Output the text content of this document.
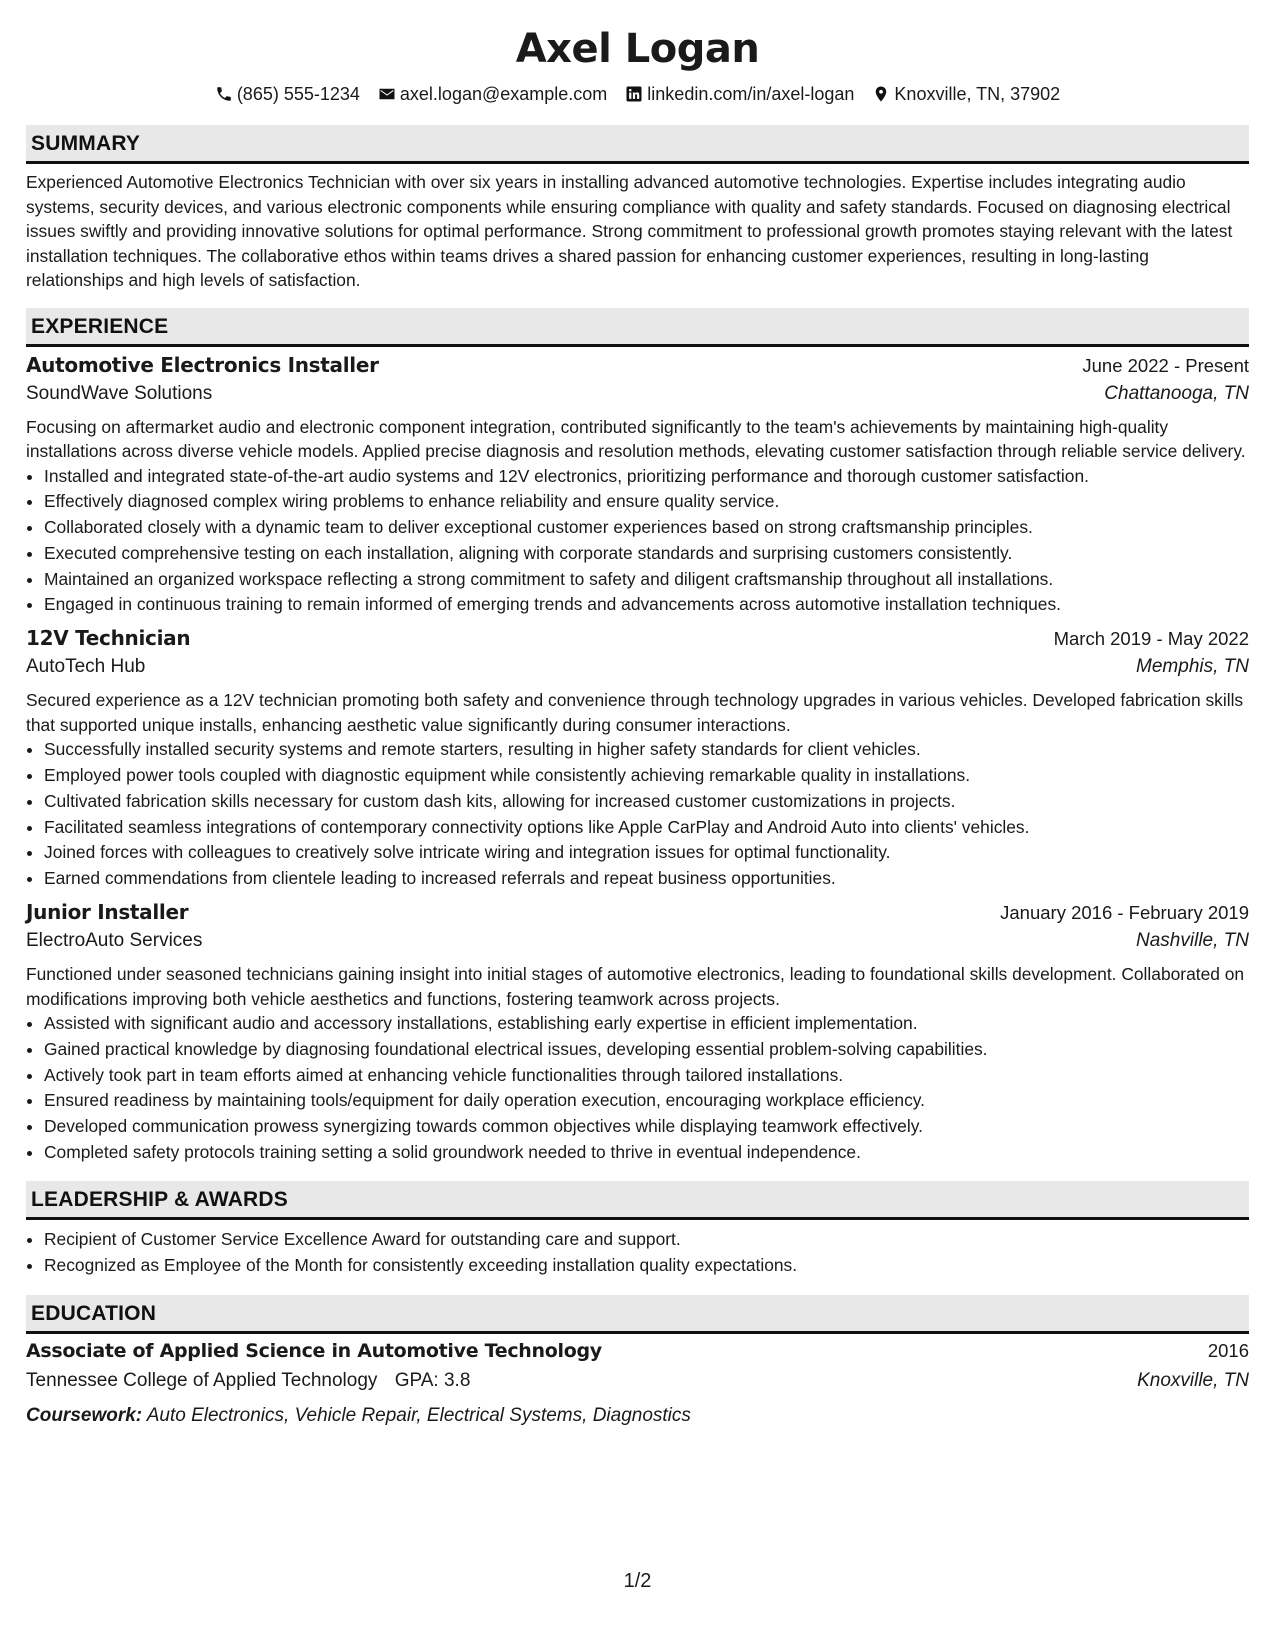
Axel Logan
(865) 555-1234 axel.logan@example.com linkedin.com/in/axel-logan Knoxville, TN, 37902
SUMMARY

Experienced Automotive Electronics Technician with over six years in installing advanced automotive technologies. Expertise includes integrating audio systems, security devices, and various electronic components while ensuring compliance with quality and safety standards. Focused on diagnosing electrical issues swiftly and providing innovative solutions for optimal performance. Strong commitment to professional growth promotes staying relevant with the latest installation techniques. The collaborative ethos within teams drives a shared passion for enhancing customer experiences, resulting in long-lasting relationships and high levels of satisfaction.

EXPERIENCE
Automotive Electronics Installer	June 2022 - Present
SoundWave Solutions	Chattanooga, TN

Focusing on aftermarket audio and electronic component integration, contributed significantly to the team's achievements by maintaining high-quality installations across diverse vehicle models. Applied precise diagnosis and resolution methods, elevating customer satisfaction through reliable service delivery.

• Installed and integrated state-of-the-art audio systems and 12V electronics, prioritizing performance and thorough customer satisfaction.
• Effectively diagnosed complex wiring problems to enhance reliability and ensure quality service.
• Collaborated closely with a dynamic team to deliver exceptional customer experiences based on strong craftsmanship principles.
• Executed comprehensive testing on each installation, aligning with corporate standards and surprising customers consistently.
• Maintained an organized workspace reflecting a strong commitment to safety and diligent craftsmanship throughout all installations.
• Engaged in continuous training to remain informed of emerging trends and advancements across automotive installation techniques.
12V Technician	March 2019 - May 2022
AutoTech Hub	Memphis, TN

Secured experience as a 12V technician promoting both safety and convenience through technology upgrades in various vehicles. Developed fabrication skills that supported unique installs, enhancing aesthetic value significantly during consumer interactions.

• Successfully installed security systems and remote starters, resulting in higher safety standards for client vehicles.
• Employed power tools coupled with diagnostic equipment while consistently achieving remarkable quality in installations.
• Cultivated fabrication skills necessary for custom dash kits, allowing for increased customer customizations in projects.
• Facilitated seamless integrations of contemporary connectivity options like Apple CarPlay and Android Auto into clients' vehicles.
• Joined forces with colleagues to creatively solve intricate wiring and integration issues for optimal functionality.
• Earned commendations from clientele leading to increased referrals and repeat business opportunities.
Junior Installer	January 2016 - February 2019
ElectroAuto Services	Nashville, TN

Functioned under seasoned technicians gaining insight into initial stages of automotive electronics, leading to foundational skills development. Collaborated on modifications improving both vehicle aesthetics and functions, fostering teamwork across projects.

• Assisted with significant audio and accessory installations, establishing early expertise in efficient implementation.
• Gained practical knowledge by diagnosing foundational electrical issues, developing essential problem-solving capabilities.
• Actively took part in team efforts aimed at enhancing vehicle functionalities through tailored installations.
• Ensured readiness by maintaining tools/equipment for daily operation execution, encouraging workplace efficiency.
• Developed communication prowess synergizing towards common objectives while displaying teamwork effectively.
• Completed safety protocols training setting a solid groundwork needed to thrive in eventual independence.
LEADERSHIP & AWARDS
• Recipient of Customer Service Excellence Award for outstanding care and support.
• Recognized as Employee of the Month for consistently exceeding installation quality expectations.
EDUCATION
Associate of Applied Science in Automotive Technology	2016
Tennessee College of Applied Technology GPA: 3.8	Knoxville, TN
Coursework: Auto Electronics, Vehicle Repair, Electrical Systems, Diagnostics
1/2
